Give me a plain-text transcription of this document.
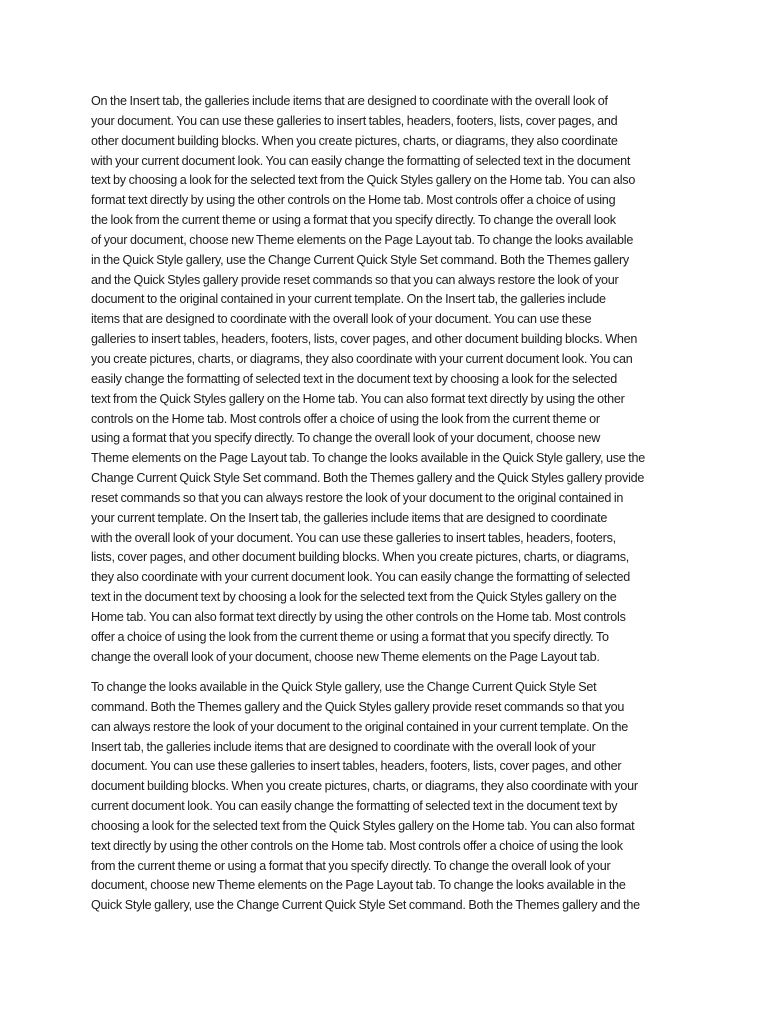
On the Insert tab, the galleries include items that are designed to coordinate with the overall look of
your document. You can use these galleries to insert tables, headers, footers, lists, cover pages, and
other document building blocks. When you create pictures, charts, or diagrams, they also coordinate
with your current document look. You can easily change the formatting of selected text in the document
text by choosing a look for the selected text from the Quick Styles gallery on the Home tab. You can also
format text directly by using the other controls on the Home tab. Most controls offer a choice of using
the look from the current theme or using a format that you specify directly. To change the overall look
of your document, choose new Theme elements on the Page Layout tab. To change the looks available
in the Quick Style gallery, use the Change Current Quick Style Set command. Both the Themes gallery
and the Quick Styles gallery provide reset commands so that you can always restore the look of your
document to the original contained in your current template. On the Insert tab, the galleries include
items that are designed to coordinate with the overall look of your document. You can use these
galleries to insert tables, headers, footers, lists, cover pages, and other document building blocks. When
you create pictures, charts, or diagrams, they also coordinate with your current document look. You can
easily change the formatting of selected text in the document text by choosing a look for the selected
text from the Quick Styles gallery on the Home tab. You can also format text directly by using the other
controls on the Home tab. Most controls offer a choice of using the look from the current theme or
using a format that you specify directly. To change the overall look of your document, choose new
Theme elements on the Page Layout tab. To change the looks available in the Quick Style gallery, use the
Change Current Quick Style Set command. Both the Themes gallery and the Quick Styles gallery provide
reset commands so that you can always restore the look of your document to the original contained in
your current template. On the Insert tab, the galleries include items that are designed to coordinate
with the overall look of your document. You can use these galleries to insert tables, headers, footers,
lists, cover pages, and other document building blocks. When you create pictures, charts, or diagrams,
they also coordinate with your current document look. You can easily change the formatting of selected
text in the document text by choosing a look for the selected text from the Quick Styles gallery on the
Home tab. You can also format text directly by using the other controls on the Home tab. Most controls
offer a choice of using the look from the current theme or using a format that you specify directly. To
change the overall look of your document, choose new Theme elements on the Page Layout tab.

To change the looks available in the Quick Style gallery, use the Change Current Quick Style Set
command. Both the Themes gallery and the Quick Styles gallery provide reset commands so that you
can always restore the look of your document to the original contained in your current template. On the
Insert tab, the galleries include items that are designed to coordinate with the overall look of your
document. You can use these galleries to insert tables, headers, footers, lists, cover pages, and other
document building blocks. When you create pictures, charts, or diagrams, they also coordinate with your
current document look. You can easily change the formatting of selected text in the document text by
choosing a look for the selected text from the Quick Styles gallery on the Home tab. You can also format
text directly by using the other controls on the Home tab. Most controls offer a choice of using the look
from the current theme or using a format that you specify directly. To change the overall look of your
document, choose new Theme elements on the Page Layout tab. To change the looks available in the
Quick Style gallery, use the Change Current Quick Style Set command. Both the Themes gallery and the
